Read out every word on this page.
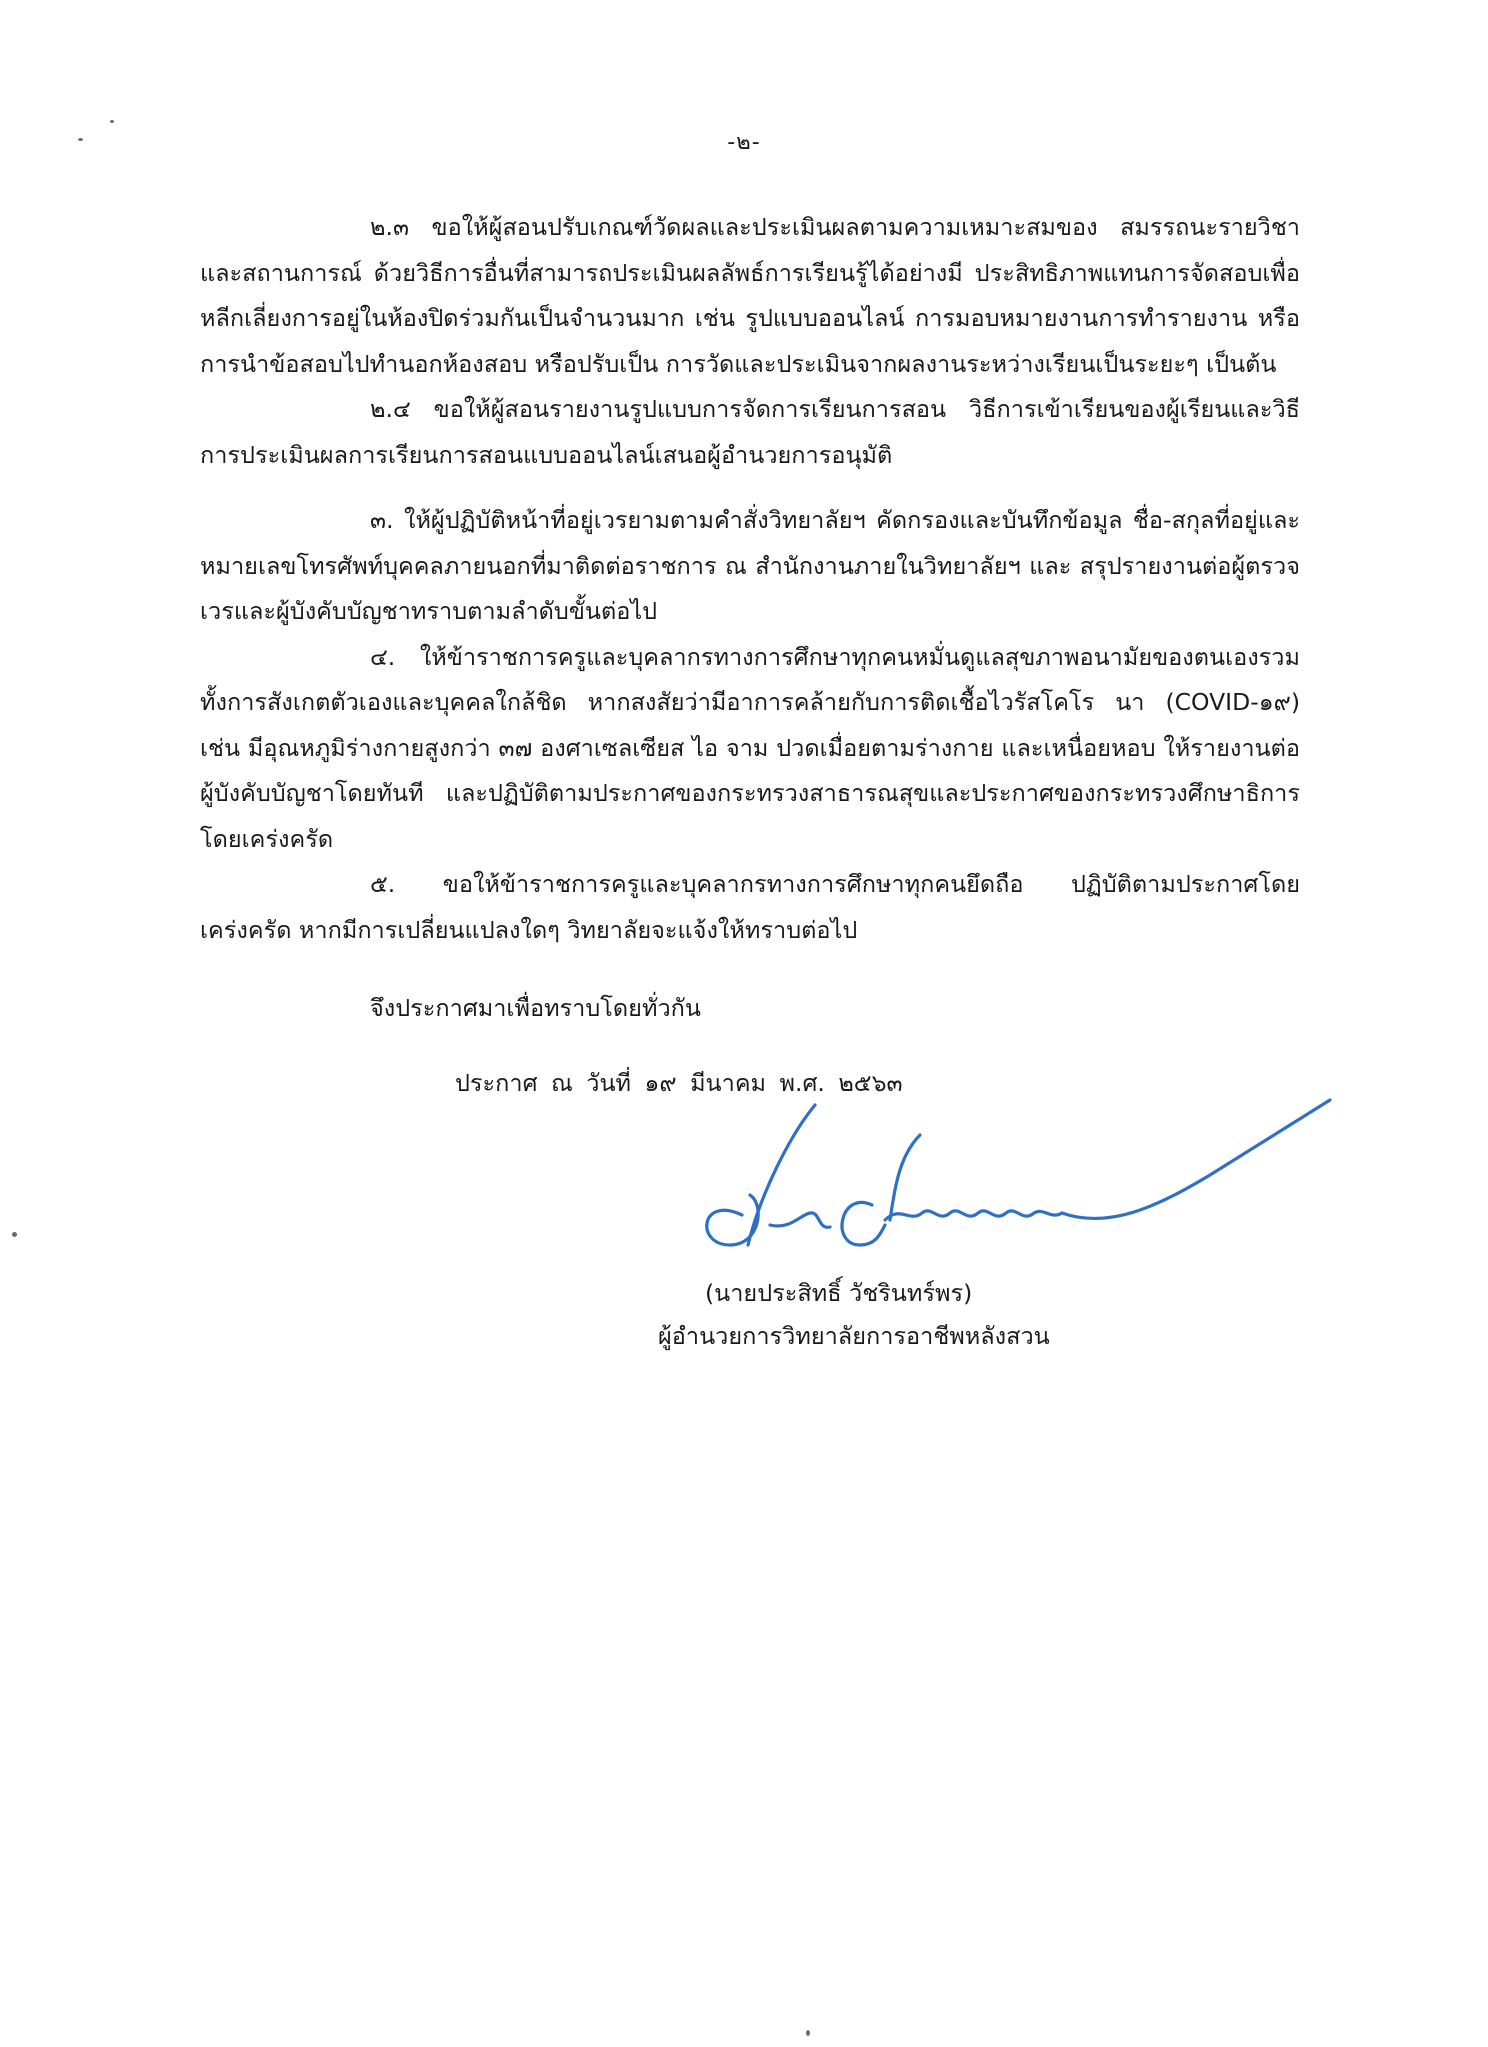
-๒-

๒.๓ ขอให้ผู้สอนปรับเกณฑ์วัดผลและประเมินผลตามความเหมาะสมของ สมรรถนะรายวิชาและสถานการณ์ ด้วยวิธีการอื่นที่สามารถประเมินผลลัพธ์การเรียนรู้ได้อย่างมี ประสิทธิภาพแทนการจัดสอบเพื่อหลีกเลี่ยงการอยู่ในห้องปิดร่วมกันเป็นจำนวนมาก เช่น รูปแบบออนไลน์ การมอบหมายงานการทำรายงาน หรือ การนำข้อสอบไปทำนอกห้องสอบ หรือปรับเป็น การวัดและประเมินจากผลงานระหว่างเรียนเป็นระยะๆ เป็นต้น

๒.๔ ขอให้ผู้สอนรายงานรูปแบบการจัดการเรียนการสอน วิธีการเข้าเรียนของผู้เรียนและวิธีการประเมินผลการเรียนการสอนแบบออนไลน์เสนอผู้อำนวยการอนุมัติ

๓. ให้ผู้ปฏิบัติหน้าที่อยู่เวรยามตามคำสั่งวิทยาลัยฯ คัดกรองและบันทึกข้อมูล ชื่อ-สกุลที่อยู่และหมายเลขโทรศัพท์บุคคลภายนอกที่มาติดต่อราชการ ณ สำนักงานภายในวิทยาลัยฯ และ สรุปรายงานต่อผู้ตรวจเวรและผู้บังคับบัญชาทราบตามลำดับขั้นต่อไป

๔. ให้ข้าราชการครูและบุคลากรทางการศึกษาทุกคนหมั่นดูแลสุขภาพอนามัยของตนเองรวมทั้งการสังเกตตัวเองและบุคคลใกล้ชิด หากสงสัยว่ามีอาการคล้ายกับการติดเชื้อไวรัสโคโร นา (COVID-๑๙) เช่น มีอุณหภูมิร่างกายสูงกว่า ๓๗ องศาเซลเซียส ไอ จาม ปวดเมื่อยตามร่างกาย และเหนื่อยหอบ ให้รายงานต่อผู้บังคับบัญชาโดยทันที และปฏิบัติตามประกาศของกระทรวงสาธารณสุขและประกาศของกระทรวงศึกษาธิการโดยเคร่งครัด

๕. ขอให้ข้าราชการครูและบุคลากรทางการศึกษาทุกคนยึดถือ ปฏิบัติตามประกาศโดยเคร่งครัด หากมีการเปลี่ยนแปลงใดๆ วิทยาลัยจะแจ้งให้ทราบต่อไป

จึงประกาศมาเพื่อทราบโดยทั่วกัน
ประกาศ ณ วันที่ ๑๙ มีนาคม พ.ศ. ๒๕๖๓
(นายประสิทธิ์ วัชรินทร์พร)
ผู้อำนวยการวิทยาลัยการอาชีพหลังสวน
